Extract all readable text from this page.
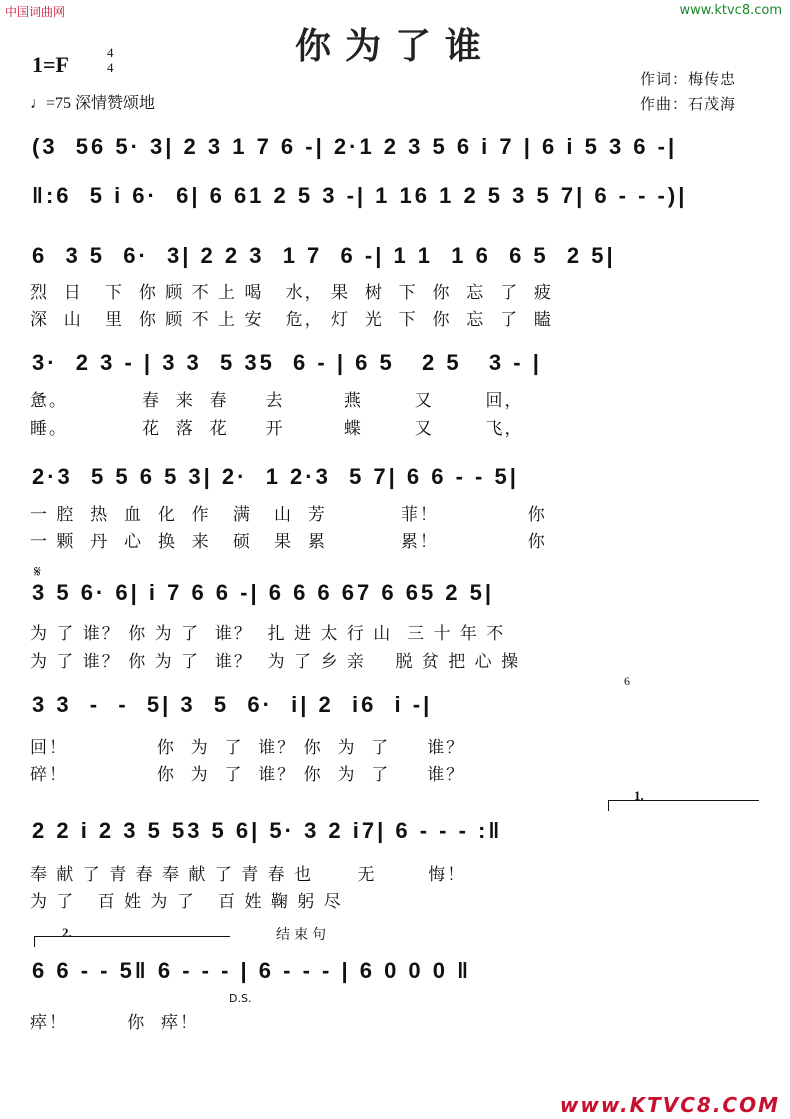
中国词曲网	www.ktvc8.com
你为了谁
1=F	4
4
♩=75 深情赞颂地
作词：梅传忠
作曲：石茂海
(3  56 5· 3| 2 3 1 7 6 -| 2·1 2 3 5 6 i 7 | 6 i 5 3 6 -|
‖:6  5 i 6·  6| 6 61 2 5 3 -| 1 16 1 2 5 3 5 7| 6 - - -)|
6  3 5  6·  3| 2 2 3  1 7  6 -| 1 1  1 6  6 5  2 5|
烈  日   下  你 顾 不 上 喝   水， 果  树  下  你  忘  了  疲
深  山   里  你 顾 不 上 安   危， 灯  光  下  你  忘  了  瞌
3·  2 3 - | 3 3  5 35  6 - | 6 5   2 5   3 - |
惫。          春  来  春     去        燕       又       回，
睡。          花  落  花     开        蝶       又       飞，
2·3  5 5 6 5 3| 2·  1 2·3  5 7| 6 6 - - 5|
一 腔  热  血  化  作   满   山  芳          菲！            你
一 颗  丹  心  换  来   硕   果  累          累！            你
𝄋
3 5 6· 6| i 7 6 6 -| 6 6 6 67 6 65 2 5|
为 了 谁？ 你 为 了  谁？  扎 进 太 行 山  三 十 年 不
为 了 谁？ 你 为 了  谁？  为 了 乡 亲    脱 贫 把 心 操
6
3 3  -  -  5| 3  5  6·  i| 2  i6  i -|
回！            你  为  了  谁？ 你  为  了     谁？
碎！            你  为  了  谁？ 你  为  了     谁？
1.
2 2 i 2 3 5 53 5 6| 5· 3 2 i7| 6 - - - :‖
奉 献 了 青 春 奉 献 了 青 春 也      无       悔！
为 了   百 姓 为 了   百 姓 鞠 躬 尽
2.	结束句
6 6 - - 5‖ 6 - - - | 6 - - - | 6 0 0 0 ‖
D.S.
瘁！        你  瘁！
www.KTVC8.COM
